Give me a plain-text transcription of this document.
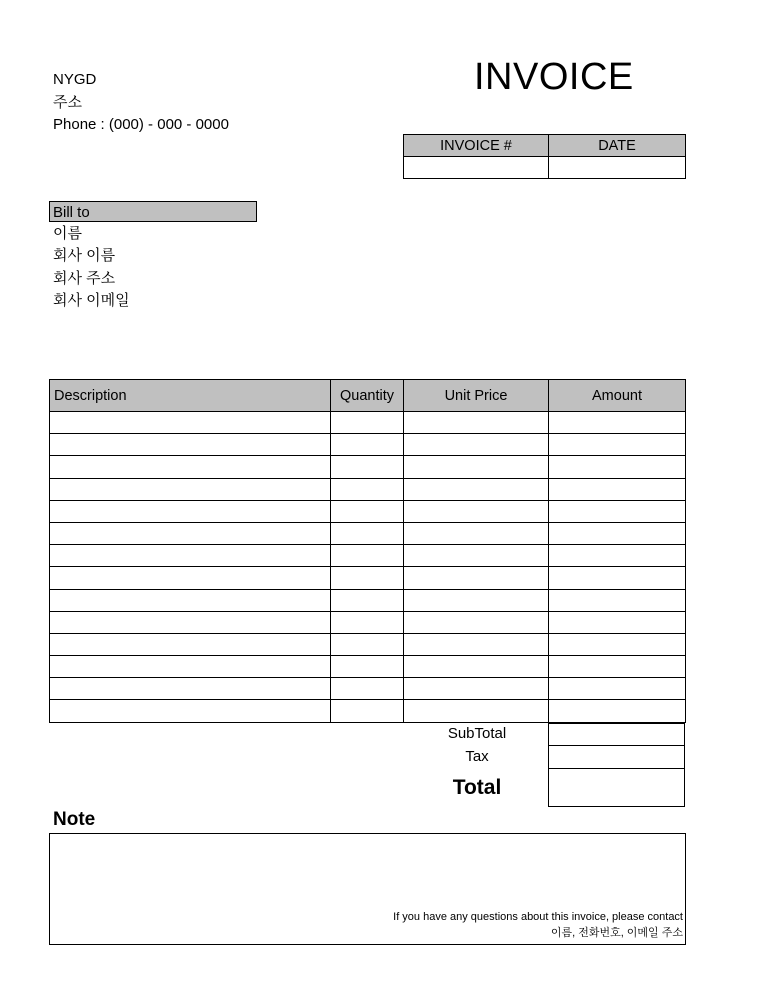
NYGD
주소
Phone : (000) - 000 - 0000
INVOICE
INVOICE #	DATE

Bill to
이름
회사 이름
회사 주소
회사 이메일
Description	Quantity	Unit Price	Amount

SubTotal
Tax
Total
Note
If you have any questions about this invoice, please contact
이름, 전화번호, 이메일 주소
